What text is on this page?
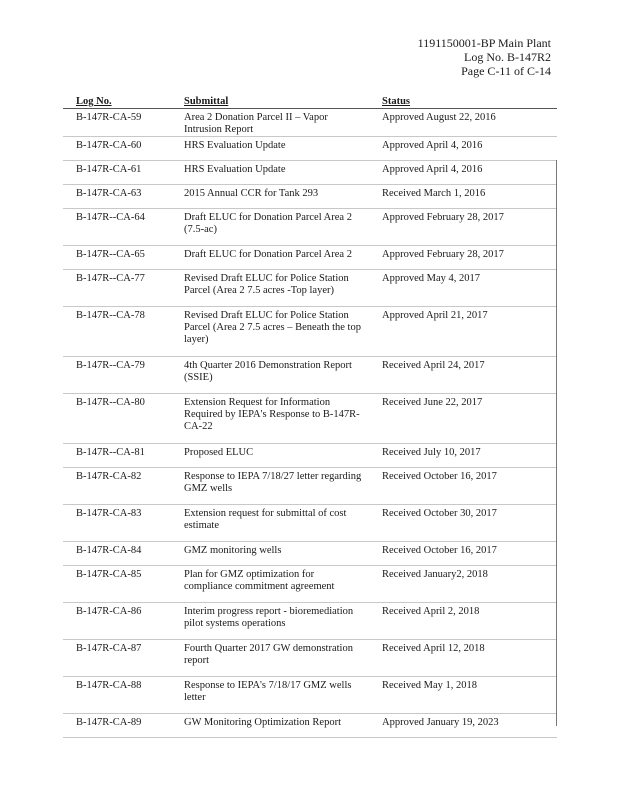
1191150001-BP Main Plant
Log No. B-147R2
Page C-11 of C-14
Log No.	Submittal	Status
B-147R-CA-59	Area 2 Donation Parcel II – Vapor Intrusion Report	Approved August 22, 2016
B-147R-CA-60	HRS Evaluation Update	Approved April 4, 2016
B-147R-CA-61	HRS Evaluation Update	Approved April 4, 2016
B-147R-CA-63	2015 Annual CCR for Tank 293	Received March 1, 2016
B-147R--CA-64	Draft ELUC for Donation Parcel Area 2 (7.5-ac)	Approved February 28, 2017
B-147R--CA-65	Draft ELUC for Donation Parcel Area 2	Approved February 28, 2017
B-147R--CA-77	Revised Draft ELUC for Police Station Parcel (Area 2 7.5 acres -Top layer)	Approved May 4, 2017
B-147R--CA-78	Revised Draft ELUC for Police Station Parcel (Area 2 7.5 acres – Beneath the top layer)	Approved April 21, 2017
B-147R--CA-79	4th Quarter 2016 Demonstration Report (SSIE)	Received April 24, 2017
B-147R--CA-80	Extension Request for Information Required by IEPA's Response to B-147R-CA-22	Received June 22, 2017
B-147R--CA-81	Proposed ELUC	Received July 10, 2017
B-147R-CA-82	Response to IEPA 7/18/27 letter regarding GMZ wells	Received October 16, 2017
B-147R-CA-83	Extension request for submittal of cost estimate	Received October 30, 2017
B-147R-CA-84	GMZ monitoring wells	Received October 16, 2017
B-147R-CA-85	Plan for GMZ optimization for compliance commitment agreement	Received January2, 2018
B-147R-CA-86	Interim progress report - bioremediation pilot systems operations	Received April 2, 2018
B-147R-CA-87	Fourth Quarter 2017 GW demonstration report	Received April 12, 2018
B-147R-CA-88	Response to IEPA's 7/18/17 GMZ wells letter	Received May 1, 2018
B-147R-CA-89	GW Monitoring Optimization Report	Approved January 19, 2023
